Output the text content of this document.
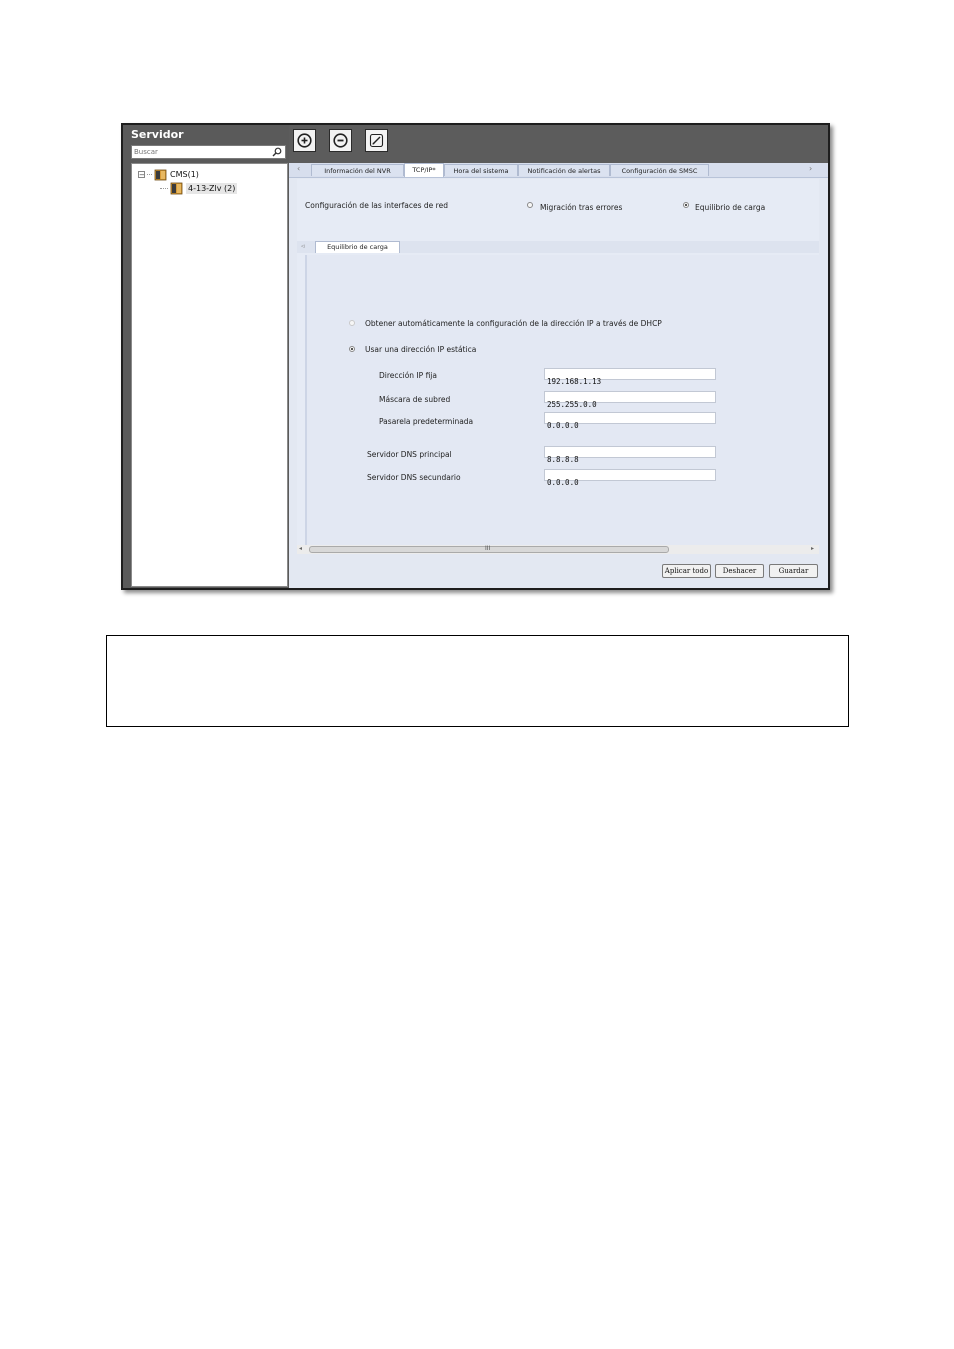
Servidor
Buscar
−	CMS(1)
4-13-Zlv (2)
‹	Información del NVR	TCP/IP*	Hora del sistema	Notificación de alertas	Configuración de SMSC	›
Configuración de las interfaces de red	Migración tras errores	Equilibrio de carga
◃	Equilibrio de carga
Obtener automáticamente la configuración de la dirección IP a través de DHCP
Usar una dirección IP estática
Dirección IP fija
192.168.1.13
Máscara de subred
255.255.0.0
Pasarela predeterminada
0.0.0.0
Servidor DNS principal
8.8.8.8
Servidor DNS secundario
0.0.0.0
◂	III	▸
Aplicar todo	Deshacer	Guardar
